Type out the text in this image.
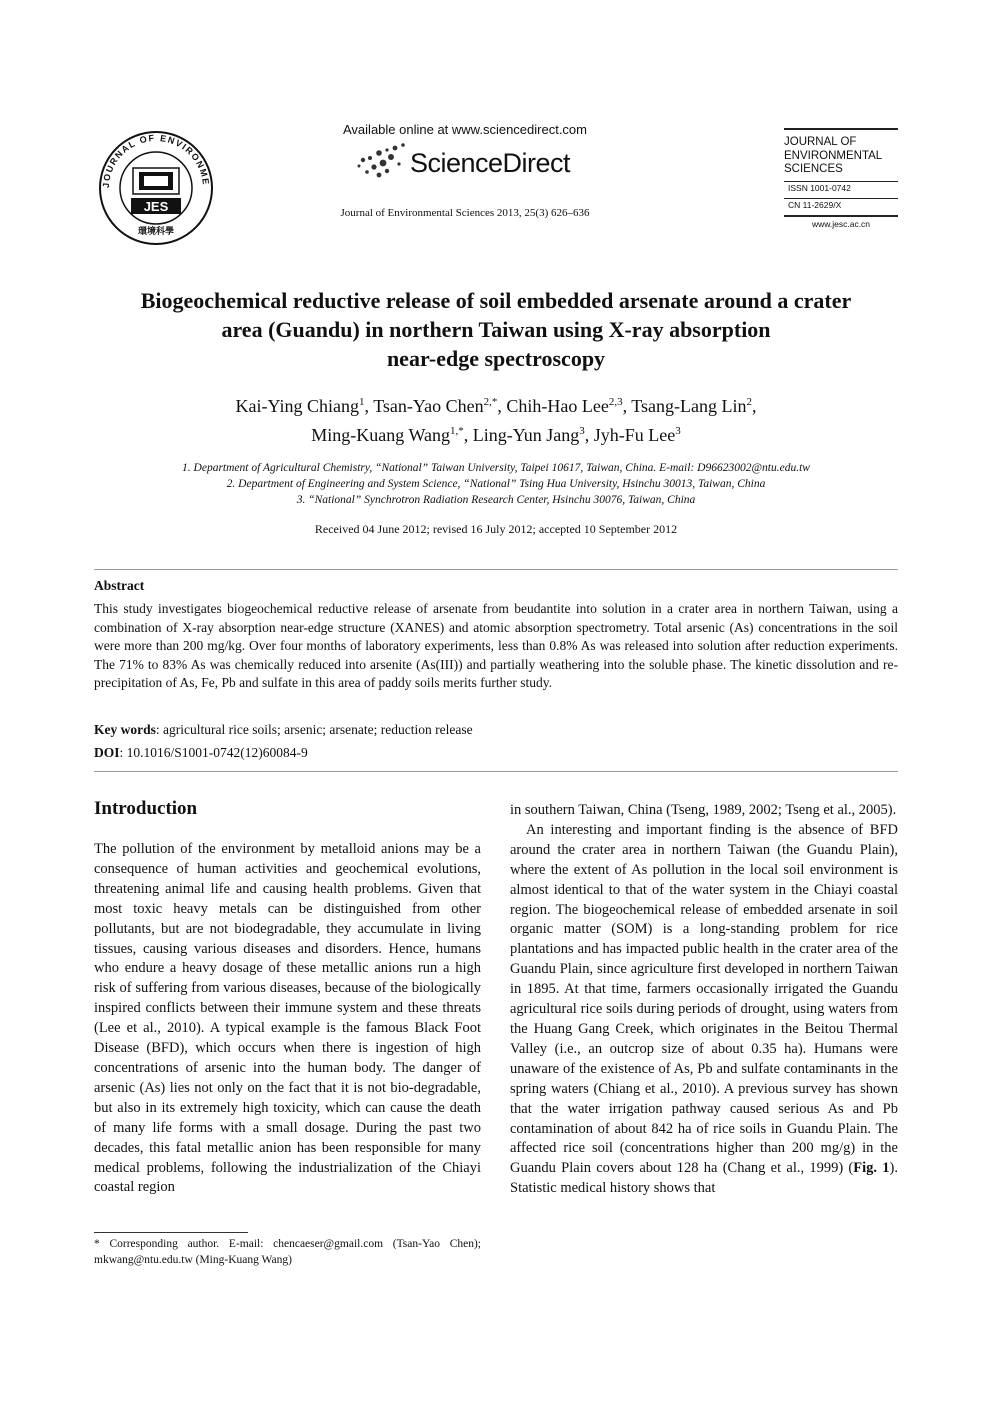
JOURNAL OF ENVIRONME
JES
環境科學
Available online at www.sciencedirect.com
ScienceDirect
Journal of Environmental Sciences 2013, 25(3) 626–636
JOURNAL OF
ENVIRONMENTAL
SCIENCES
ISSN 1001-0742
CN 11-2629/X
www.jesc.ac.cn
Biogeochemical reductive release of soil embedded arsenate around a crater
area (Guandu) in northern Taiwan using X-ray absorption
near-edge spectroscopy
Kai-Ying Chiang$^1$, Tsan-Yao Chen$^{2,*}$, Chih-Hao Lee$^{2,3}$, Tsang-Lang Lin$^2$,
Ming-Kuang Wang$^{1,*}$, Ling-Yun Jang$^3$, Jyh-Fu Lee$^3$
1. Department of Agricultural Chemistry, “National” Taiwan University, Taipei 10617, Taiwan, China. E-mail: D96623002@ntu.edu.tw
2. Department of Engineering and System Science, “National” Tsing Hua University, Hsinchu 30013, Taiwan, China
3. “National” Synchrotron Radiation Research Center, Hsinchu 30076, Taiwan, China
Received 04 June 2012; revised 16 July 2012; accepted 10 September 2012
Abstract
This study investigates biogeochemical reductive release of arsenate from beudantite into solution in a crater area in northern Taiwan, using a combination of X-ray absorption near-edge structure (XANES) and atomic absorption spectrometry. Total arsenic (As) concentrations in the soil were more than 200 mg/kg. Over four months of laboratory experiments, less than 0.8% As was released into solution after reduction experiments. The 71% to 83% As was chemically reduced into arsenite (As(III)) and partially weathering into the soluble phase. The kinetic dissolution and re-precipitation of As, Fe, Pb and sulfate in this area of paddy soils merits further study.
Key words: agricultural rice soils; arsenic; arsenate; reduction release
DOI: 10.1016/S1001-0742(12)60084-9
Introduction

The pollution of the environment by metalloid anions may be a consequence of human activities and geochemical evolutions, threatening animal life and causing health problems. Given that most toxic heavy metals can be distinguished from other pollutants, but are not biodegradable, they accumulate in living tissues, causing various diseases and disorders. Hence, humans who endure a heavy dosage of these metallic anions run a high risk of suffering from various diseases, because of the biologically inspired conflicts between their immune system and these threats (Lee et al., 2010). A typical example is the famous Black Foot Disease (BFD), which occurs when there is ingestion of high concentrations of arsenic into the human body. The danger of arsenic (As) lies not only on the fact that it is not bio-degradable, but also in its extremely high toxicity, which can cause the death of many life forms with a small dosage. During the past two decades, this fatal metallic anion has been responsible for many medical problems, following the industrialization of the Chiayi coastal region

* Corresponding author. E-mail: chencaeser@gmail.com (Tsan-Yao Chen); mkwang@ntu.edu.tw (Ming-Kuang Wang)

in southern Taiwan, China (Tseng, 1989, 2002; Tseng et al., 2005).

An interesting and important finding is the absence of BFD around the crater area in northern Taiwan (the Guandu Plain), where the extent of As pollution in the local soil environment is almost identical to that of the water system in the Chiayi coastal region. The biogeochemical release of embedded arsenate in soil organic matter (SOM) is a long-standing problem for rice plantations and has impacted public health in the crater area of the Guandu Plain, since agriculture first developed in northern Taiwan in 1895. At that time, farmers occasionally irrigated the Guandu agricultural rice soils during periods of drought, using waters from the Huang Gang Creek, which originates in the Beitou Thermal Valley (i.e., an outcrop size of about 0.35 ha). Humans were unaware of the existence of As, Pb and sulfate contaminants in the spring waters (Chiang et al., 2010). A previous survey has shown that the water irrigation pathway caused serious As and Pb contamination of about 842 ha of rice soils in Guandu Plain. The affected rice soil (concentrations higher than 200 mg/g) in the Guandu Plain covers about 128 ha (Chang et al., 1999) (Fig. 1). Statistic medical history shows that
